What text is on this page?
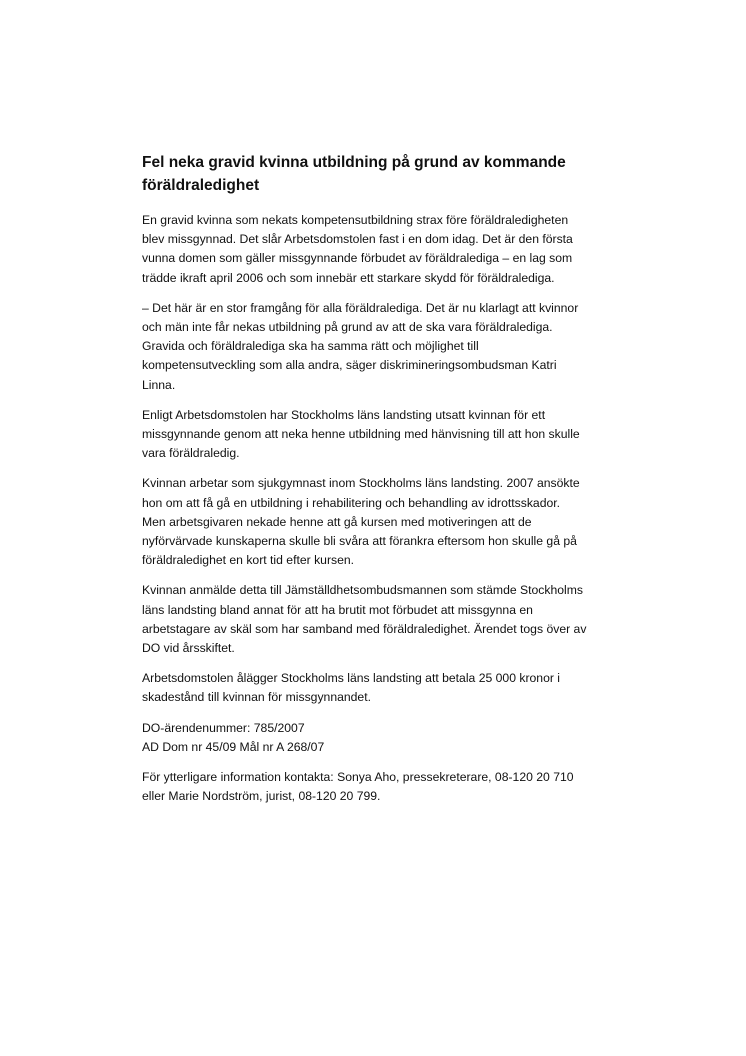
Fel neka gravid kvinna utbildning på grund av kommande
föräldraledighet

En gravid kvinna som nekats kompetensutbildning strax före föräldraledigheten
blev missgynnad. Det slår Arbetsdomstolen fast i en dom idag. Det är den första
vunna domen som gäller missgynnande förbudet av föräldralediga – en lag som
trädde ikraft april 2006 och som innebär ett starkare skydd för föräldralediga.

– Det här är en stor framgång för alla föräldralediga. Det är nu klarlagt att kvinnor
och män inte får nekas utbildning på grund av att de ska vara föräldralediga.
Gravida och föräldralediga ska ha samma rätt och möjlighet till
kompetensutveckling som alla andra, säger diskrimineringsombudsman Katri
Linna.

Enligt Arbetsdomstolen har Stockholms läns landsting utsatt kvinnan för ett
missgynnande genom att neka henne utbildning med hänvisning till att hon skulle
vara föräldraledig.

Kvinnan arbetar som sjukgymnast inom Stockholms läns landsting. 2007 ansökte
hon om att få gå en utbildning i rehabilitering och behandling av idrottsskador.
Men arbetsgivaren nekade henne att gå kursen med motiveringen att de
nyförvärvade kunskaperna skulle bli svåra att förankra eftersom hon skulle gå på
föräldraledighet en kort tid efter kursen.

Kvinnan anmälde detta till Jämställdhetsombudsmannen som stämde Stockholms
läns landsting bland annat för att ha brutit mot förbudet att missgynna en
arbetstagare av skäl som har samband med föräldraledighet. Ärendet togs över av
DO vid årsskiftet.

Arbetsdomstolen ålägger Stockholms läns landsting att betala 25 000 kronor i
skadestånd till kvinnan för missgynnandet.

DO-ärendenummer: 785/2007
AD Dom nr 45/09 Mål nr A 268/07

För ytterligare information kontakta: Sonya Aho, pressekreterare, 08-120 20 710
eller Marie Nordström, jurist, 08-120 20 799.
